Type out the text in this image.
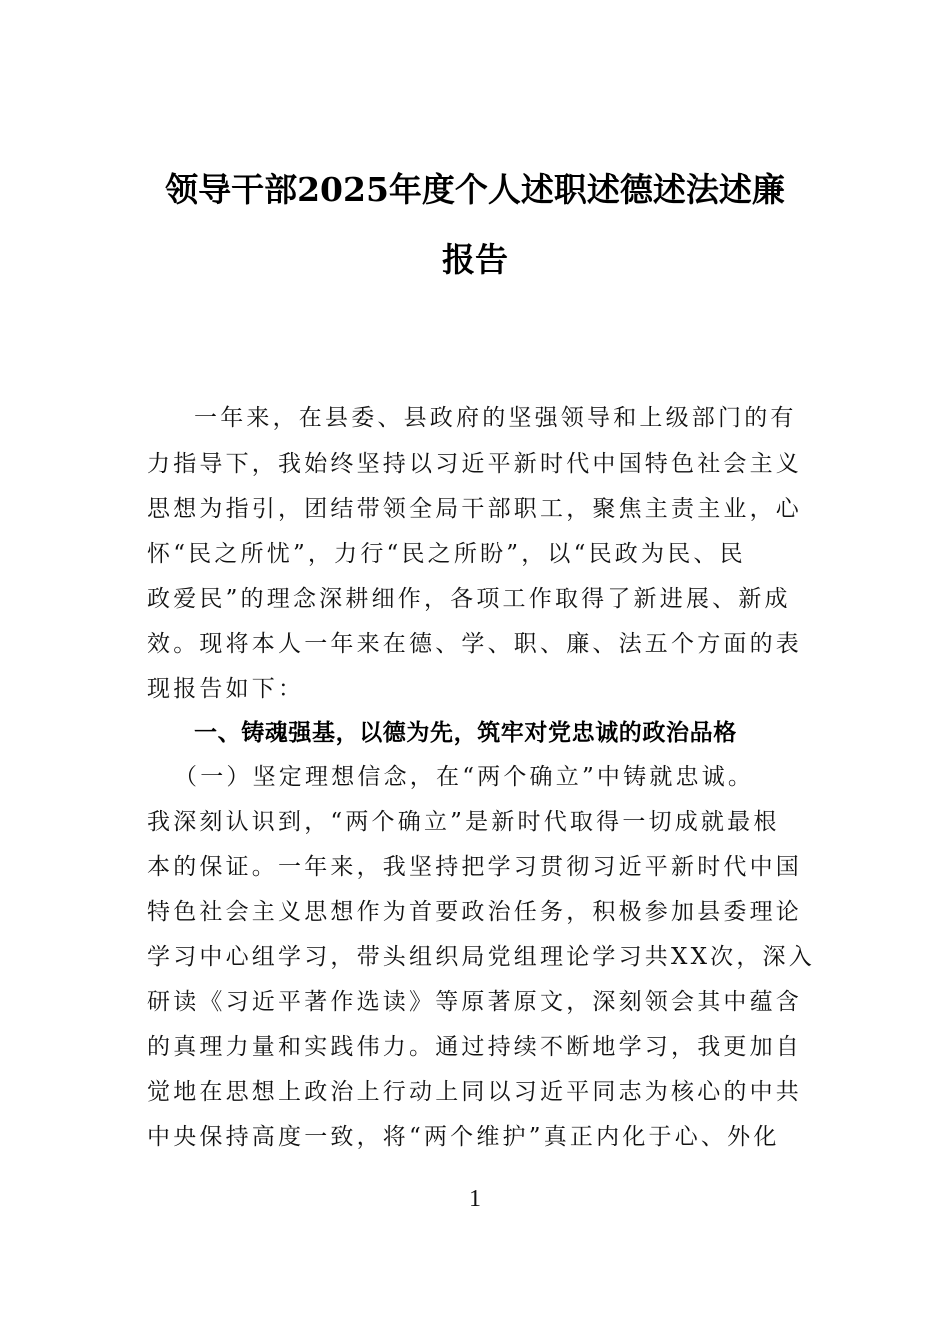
领导干部2025年度个人述职述德述法述廉
报告
一年来，在县委、县政府的坚强领导和上级部门的有
力指导下，我始终坚持以习近平新时代中国特色社会主义
思想为指引，团结带领全局干部职工，聚焦主责主业，心
怀“民之所忧”，力行“民之所盼”，以“民政为民、民
政爱民”的理念深耕细作，各项工作取得了新进展、新成
效。现将本人一年来在德、学、职、廉、法五个方面的表
现报告如下：
一、铸魂强基，以德为先，筑牢对党忠诚的政治品格
（一）坚定理想信念，在“两个确立”中铸就忠诚。
我深刻认识到，“两个确立”是新时代取得一切成就最根
本的保证。一年来，我坚持把学习贯彻习近平新时代中国
特色社会主义思想作为首要政治任务，积极参加县委理论
学习中心组学习，带头组织局党组理论学习共XX次，深入
研读《习近平著作选读》等原著原文，深刻领会其中蕴含
的真理力量和实践伟力。通过持续不断地学习，我更加自
觉地在思想上政治上行动上同以习近平同志为核心的中共
中央保持高度一致，将“两个维护”真正内化于心、外化
1
